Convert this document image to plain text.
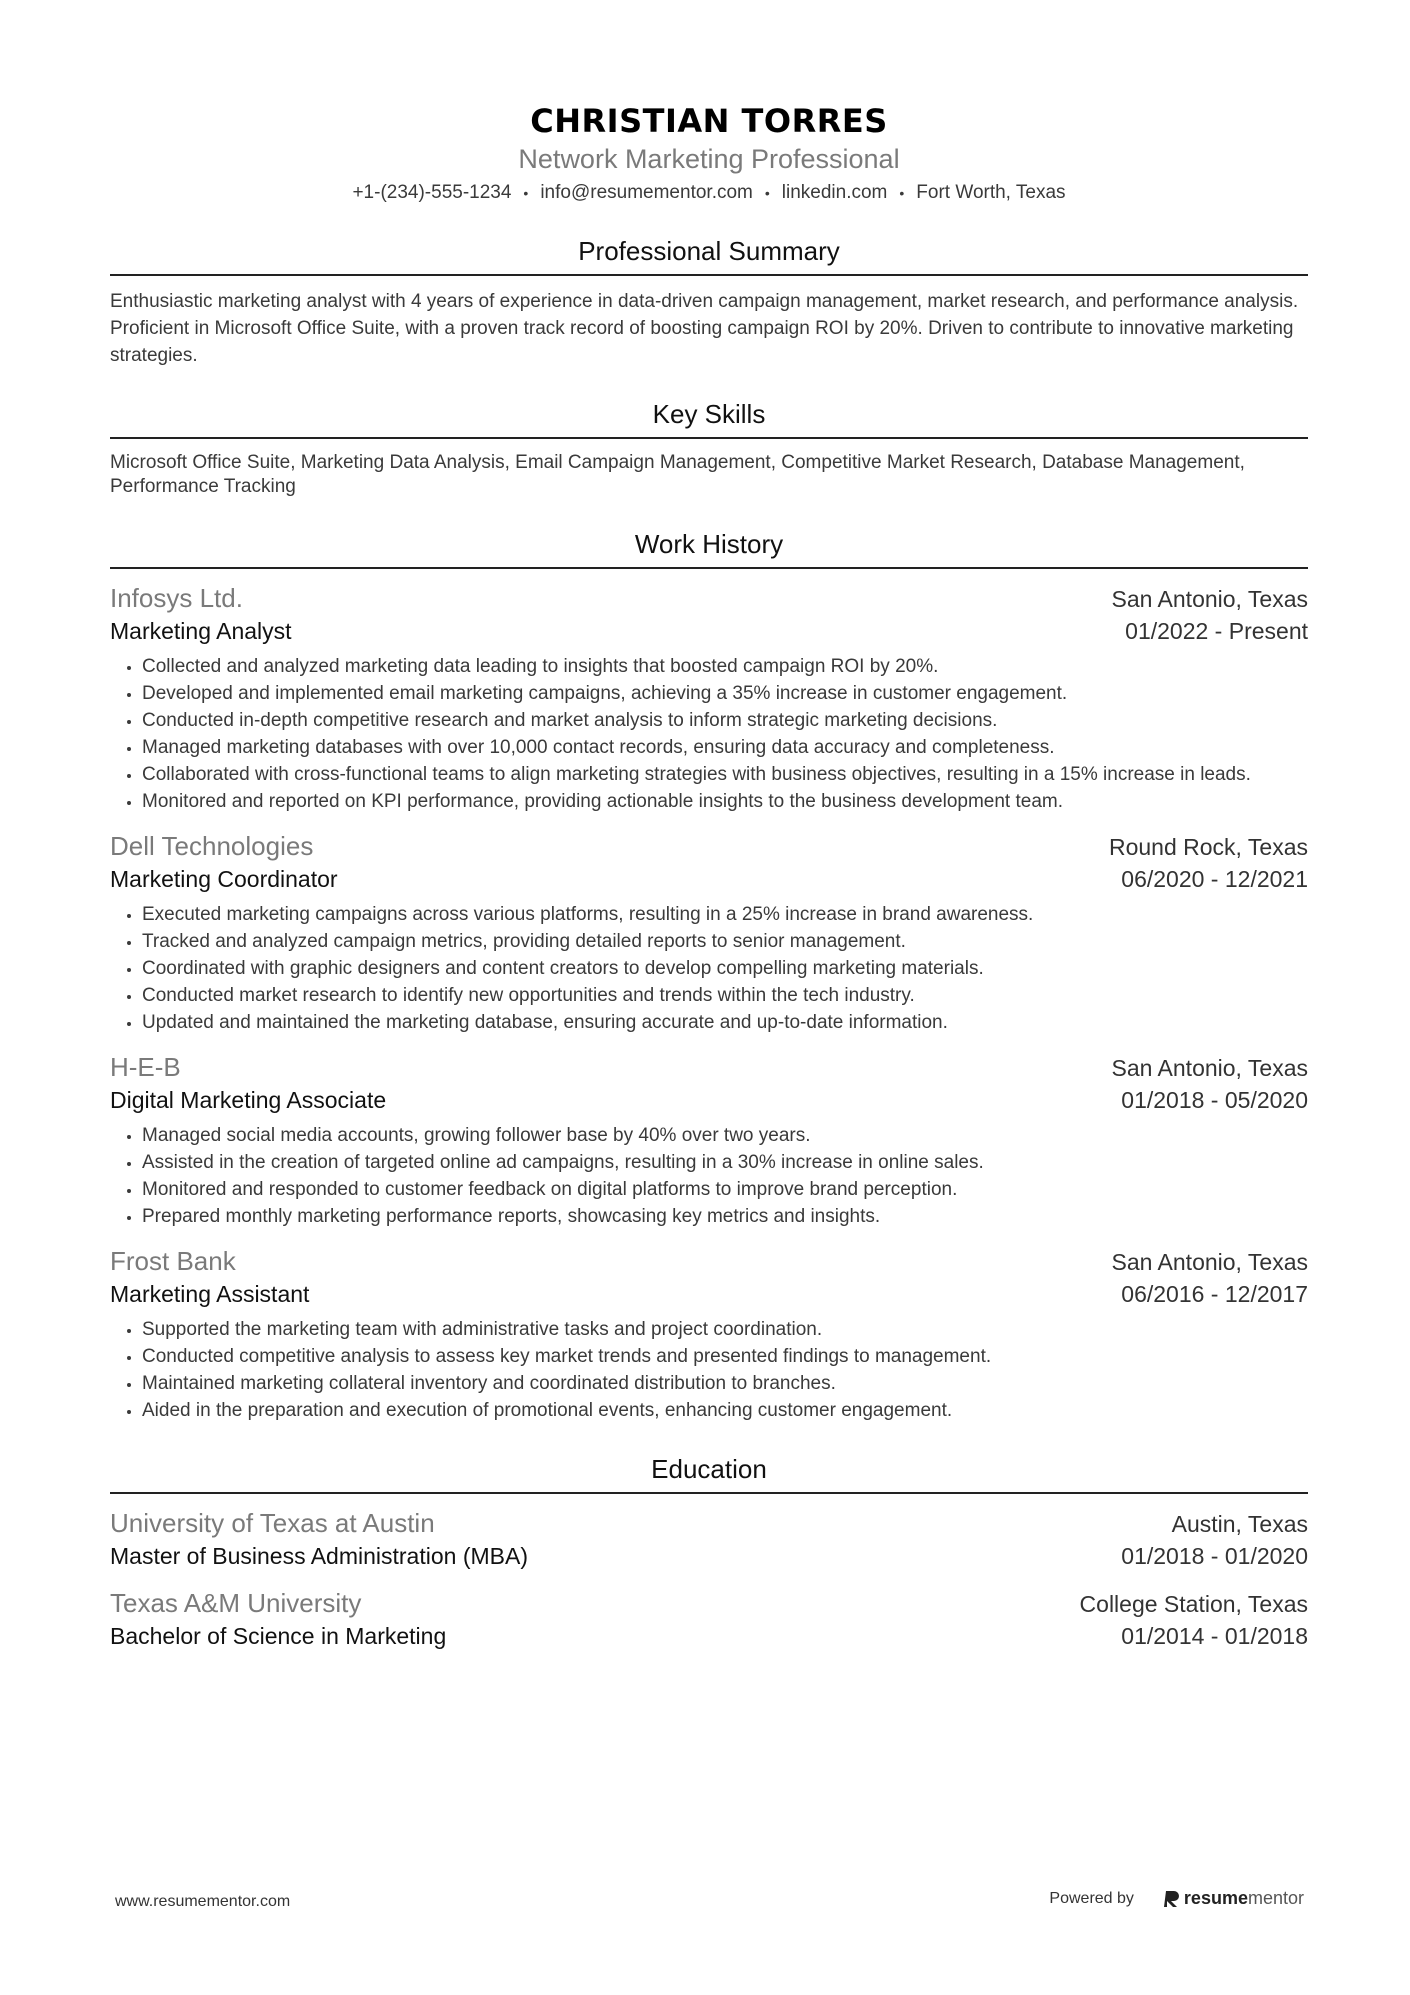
CHRISTIAN TORRES
Network Marketing Professional
+1-(234)-555-1234 • info@resumementor.com • linkedin.com • Fort Worth, Texas
Professional Summary
Enthusiastic marketing analyst with 4 years of experience in data-driven campaign management, market research, and performance analysis. Proficient in Microsoft Office Suite, with a proven track record of boosting campaign ROI by 20%. Driven to contribute to innovative marketing strategies.
Key Skills
Microsoft Office Suite, Marketing Data Analysis, Email Campaign Management, Competitive Market Research, Database Management, Performance Tracking
Work History
Infosys Ltd.	San Antonio, Texas
Marketing Analyst	01/2022 - Present
• Collected and analyzed marketing data leading to insights that boosted campaign ROI by 20%.
• Developed and implemented email marketing campaigns, achieving a 35% increase in customer engagement.
• Conducted in-depth competitive research and market analysis to inform strategic marketing decisions.
• Managed marketing databases with over 10,000 contact records, ensuring data accuracy and completeness.
• Collaborated with cross-functional teams to align marketing strategies with business objectives, resulting in a 15% increase in leads.
• Monitored and reported on KPI performance, providing actionable insights to the business development team.
Dell Technologies	Round Rock, Texas
Marketing Coordinator	06/2020 - 12/2021
• Executed marketing campaigns across various platforms, resulting in a 25% increase in brand awareness.
• Tracked and analyzed campaign metrics, providing detailed reports to senior management.
• Coordinated with graphic designers and content creators to develop compelling marketing materials.
• Conducted market research to identify new opportunities and trends within the tech industry.
• Updated and maintained the marketing database, ensuring accurate and up-to-date information.
H-E-B	San Antonio, Texas
Digital Marketing Associate	01/2018 - 05/2020
• Managed social media accounts, growing follower base by 40% over two years.
• Assisted in the creation of targeted online ad campaigns, resulting in a 30% increase in online sales.
• Monitored and responded to customer feedback on digital platforms to improve brand perception.
• Prepared monthly marketing performance reports, showcasing key metrics and insights.
Frost Bank	San Antonio, Texas
Marketing Assistant	06/2016 - 12/2017
• Supported the marketing team with administrative tasks and project coordination.
• Conducted competitive analysis to assess key market trends and presented findings to management.
• Maintained marketing collateral inventory and coordinated distribution to branches.
• Aided in the preparation and execution of promotional events, enhancing customer engagement.
Education
University of Texas at Austin	Austin, Texas
Master of Business Administration (MBA)	01/2018 - 01/2020
Texas A&M University	College Station, Texas
Bachelor of Science in Marketing	01/2014 - 01/2018
www.resumementor.com	Powered by	resume mentor
